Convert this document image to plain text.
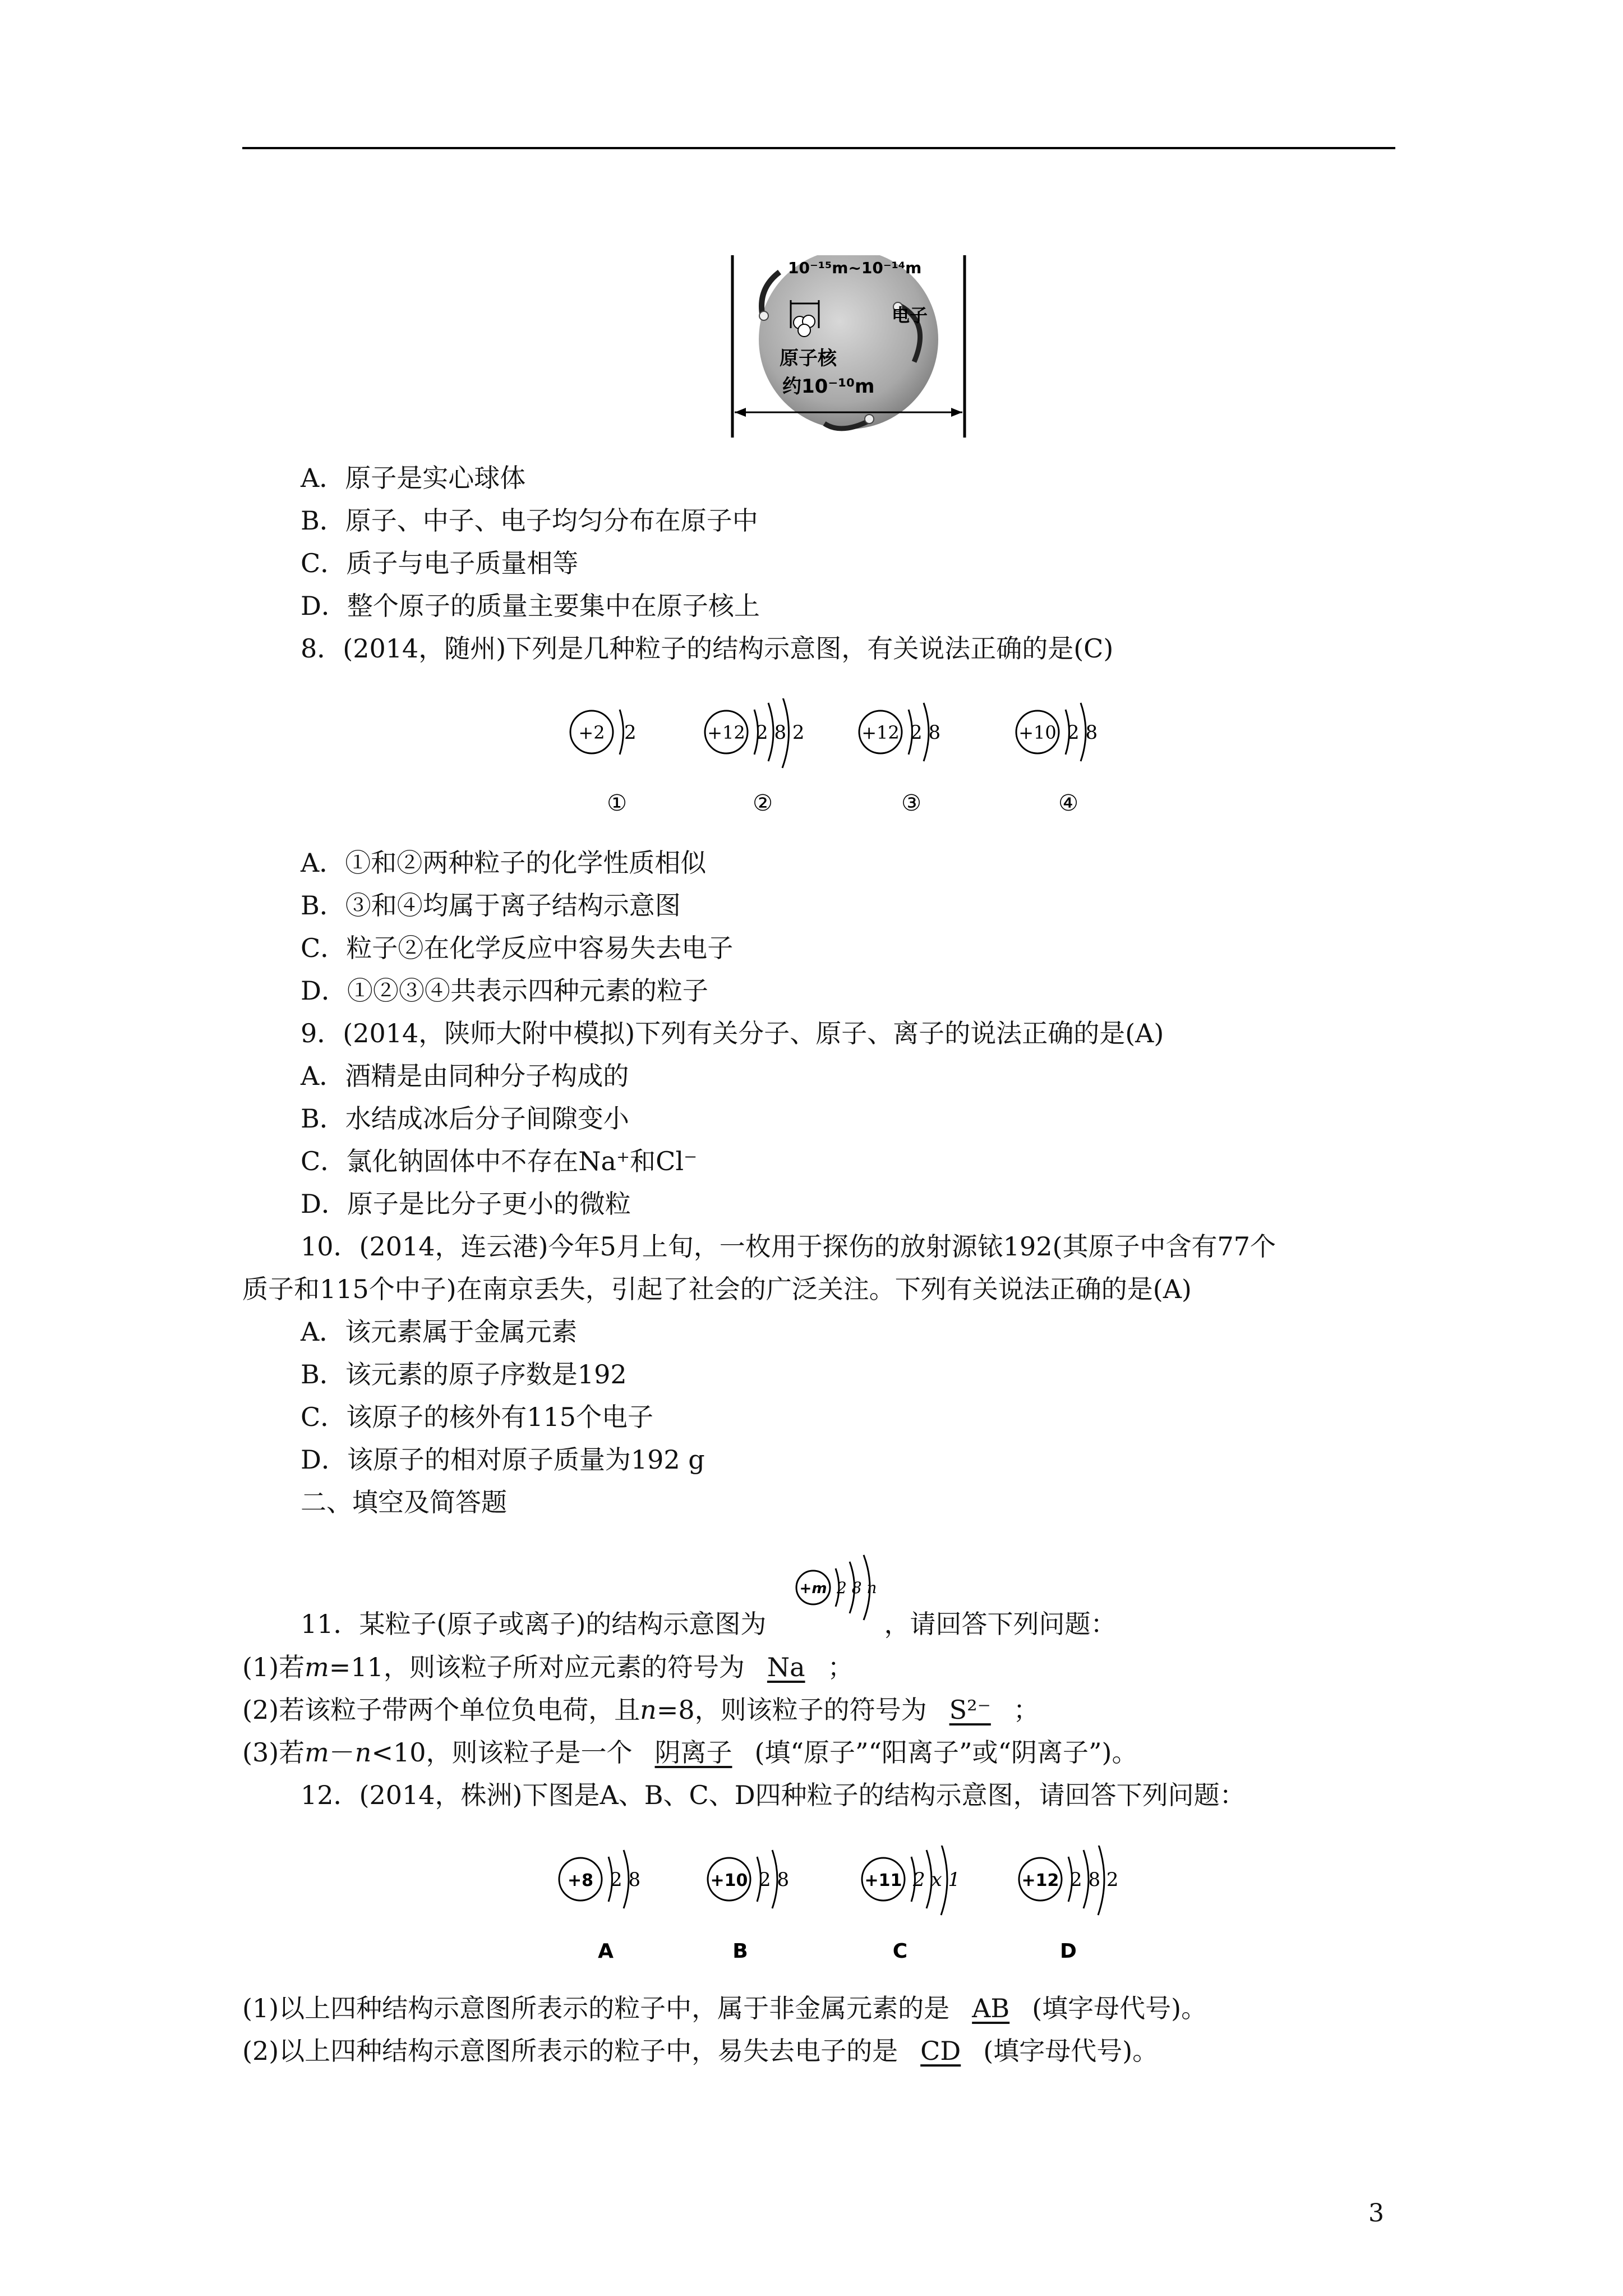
10⁻¹⁵m~10⁻¹⁴m
电子
原子核
约10⁻¹⁰m
A．原子是实心球体
B．原子、中子、电子均匀分布在原子中
C．质子与电子质量相等
D．整个原子的质量主要集中在原子核上
8．(2014，随州)下列是几种粒子的结构示意图，有关说法正确的是(C)
+2 2
①
+12 2 8 2
②
+12 2 8
③
+10 2 8
④
A．①和②两种粒子的化学性质相似
B．③和④均属于离子结构示意图
C．粒子②在化学反应中容易失去电子
D．①②③④共表示四种元素的粒子
9．(2014，陕师大附中模拟)下列有关分子、原子、离子的说法正确的是(A)
A．酒精是由同种分子构成的
B．水结成冰后分子间隙变小
C．氯化钠固体中不存在Na⁺和Cl⁻
D．原子是比分子更小的微粒
10．(2014，连云港)今年5月上旬，一枚用于探伤的放射源铱192(其原子中含有77个
质子和115个中子)在南京丢失，引起了社会的广泛关注。下列有关说法正确的是(A)
A．该元素属于金属元素
B．该元素的原子序数是192
C．该原子的核外有115个电子
D．该原子的相对原子质量为192 g
二、填空及简答题
11．某粒子(原子或离子)的结构示意图为	，请回答下列问题：
+m 2 8 n
(1)若m=11，则该粒子所对应元素的符号为 Na ；
(2)若该粒子带两个单位负电荷，且n=8，则该粒子的符号为 S²⁻ ；
(3)若m－n<10，则该粒子是一个 阴离子 (填“原子”“阳离子”或“阴离子”)。
12．(2014，株洲)下图是A、B、C、D四种粒子的结构示意图，请回答下列问题：
+8 2 8
A
+10 2 8
B
+11 2 x 1
C
+12 2 8 2
D
(1)以上四种结构示意图所表示的粒子中，属于非金属元素的是 AB (填字母代号)。
(2)以上四种结构示意图所表示的粒子中，易失去电子的是 CD (填字母代号)。
3
